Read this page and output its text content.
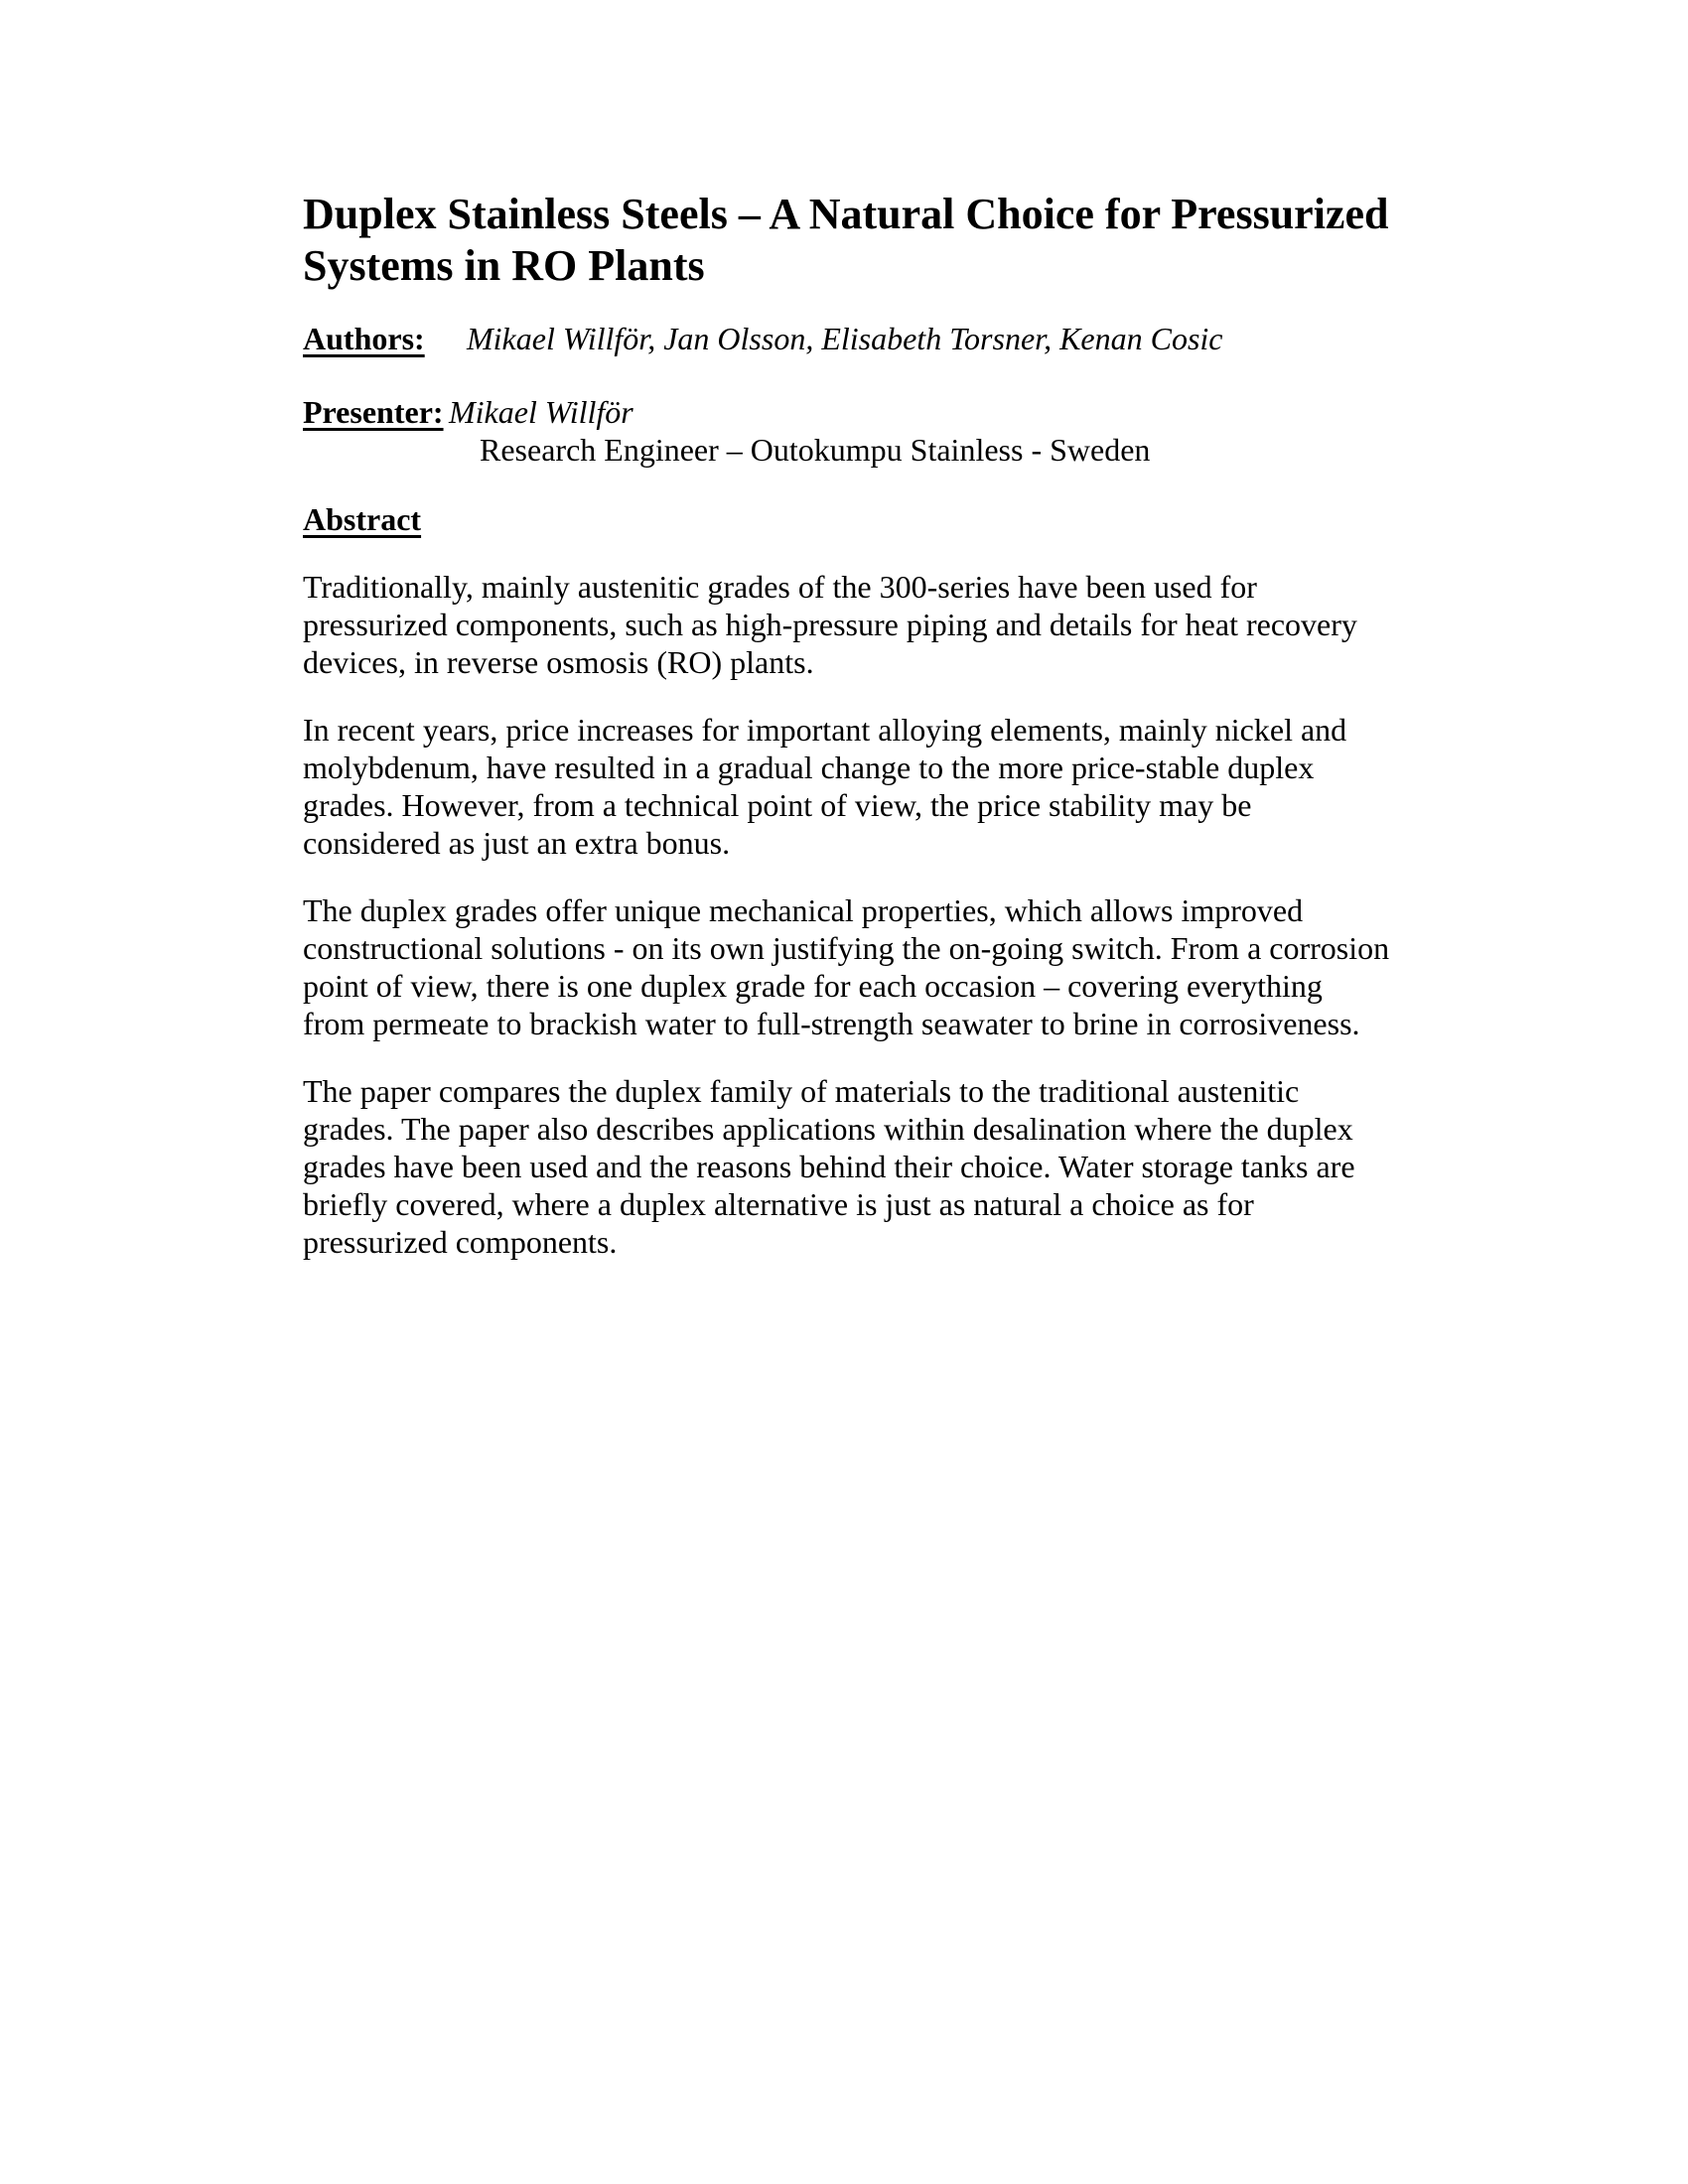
Duplex Stainless Steels – A Natural Choice for Pressurized Systems in RO Plants
Authors:	Mikael Willför, Jan Olsson, Elisabeth Torsner, Kenan Cosic
Presenter: Mikael Willför
Research Engineer – Outokumpu Stainless - Sweden
Abstract

Traditionally, mainly austenitic grades of the 300-series have been used for pressurized components, such as high-pressure piping and details for heat recovery devices, in reverse osmosis (RO) plants.

In recent years, price increases for important alloying elements, mainly nickel and molybdenum, have resulted in a gradual change to the more price-stable duplex grades. However, from a technical point of view, the price stability may be considered as just an extra bonus.

The duplex grades offer unique mechanical properties, which allows improved constructional solutions - on its own justifying the on-going switch. From a corrosion point of view, there is one duplex grade for each occasion – covering everything from permeate to brackish water to full-strength seawater to brine in corrosiveness.

The paper compares the duplex family of materials to the traditional austenitic grades. The paper also describes applications within desalination where the duplex grades have been used and the reasons behind their choice. Water storage tanks are briefly covered, where a duplex alternative is just as natural a choice as for pressurized components.
